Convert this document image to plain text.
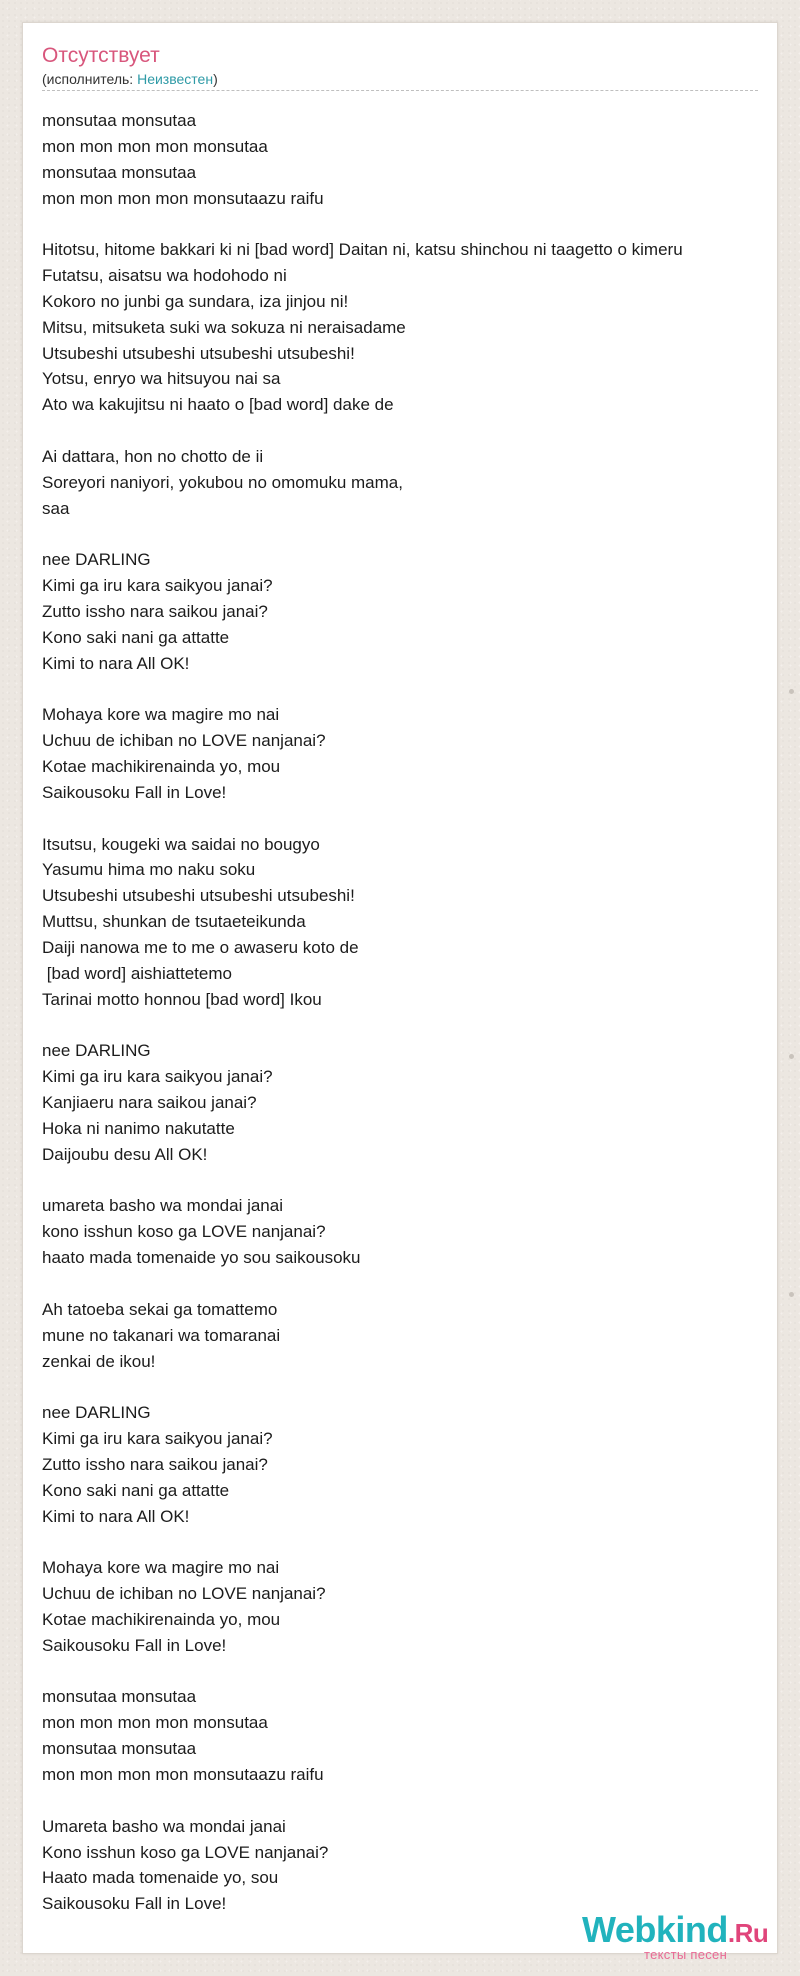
Отсутствует
(исполнитель: Неизвестен)
monsutaa monsutaa
mon mon mon mon monsutaa
monsutaa monsutaa
mon mon mon mon monsutaazu raifu
Hitotsu, hitome bakkari ki ni [bad word] Daitan ni, katsu shinchou ni taagetto o kimeru
Futatsu, aisatsu wa hodohodo ni
Kokoro no junbi ga sundara, iza jinjou ni!
Mitsu, mitsuketa suki wa sokuza ni neraisadame
Utsubeshi utsubeshi utsubeshi utsubeshi!
Yotsu, enryo wa hitsuyou nai sa
Ato wa kakujitsu ni haato o [bad word] dake de
Ai dattara, hon no chotto de ii
Soreyori naniyori, yokubou no omomuku mama,
saa
nee DARLING
Kimi ga iru kara saikyou janai?
Zutto issho nara saikou janai?
Kono saki nani ga attatte
Kimi to nara All OK!
Mohaya kore wa magire mo nai
Uchuu de ichiban no LOVE nanjanai?
Kotae machikirenainda yo, mou
Saikousoku Fall in Love!
Itsutsu, kougeki wa saidai no bougyo
Yasumu hima mo naku soku
Utsubeshi utsubeshi utsubeshi utsubeshi!
Muttsu, shunkan de tsutaeteikunda
Daiji nanowa me to me o awaseru koto de
[bad word] aishiattetemo
Tarinai motto honnou [bad word] Ikou
nee DARLING
Kimi ga iru kara saikyou janai?
Kanjiaeru nara saikou janai?
Hoka ni nanimo nakutatte
Daijoubu desu All OK!
umareta basho wa mondai janai
kono isshun koso ga LOVE nanjanai?
haato mada tomenaide yo sou saikousoku
Ah tatoeba sekai ga tomattemo
mune no takanari wa tomaranai
zenkai de ikou!
nee DARLING
Kimi ga iru kara saikyou janai?
Zutto issho nara saikou janai?
Kono saki nani ga attatte
Kimi to nara All OK!
Mohaya kore wa magire mo nai
Uchuu de ichiban no LOVE nanjanai?
Kotae machikirenainda yo, mou
Saikousoku Fall in Love!
monsutaa monsutaa
mon mon mon mon monsutaa
monsutaa monsutaa
mon mon mon mon monsutaazu raifu
Umareta basho wa mondai janai
Kono isshun koso ga LOVE nanjanai?
Haato mada tomenaide yo, sou
Saikousoku Fall in Love!
Webkind.Ru
тексты песен
